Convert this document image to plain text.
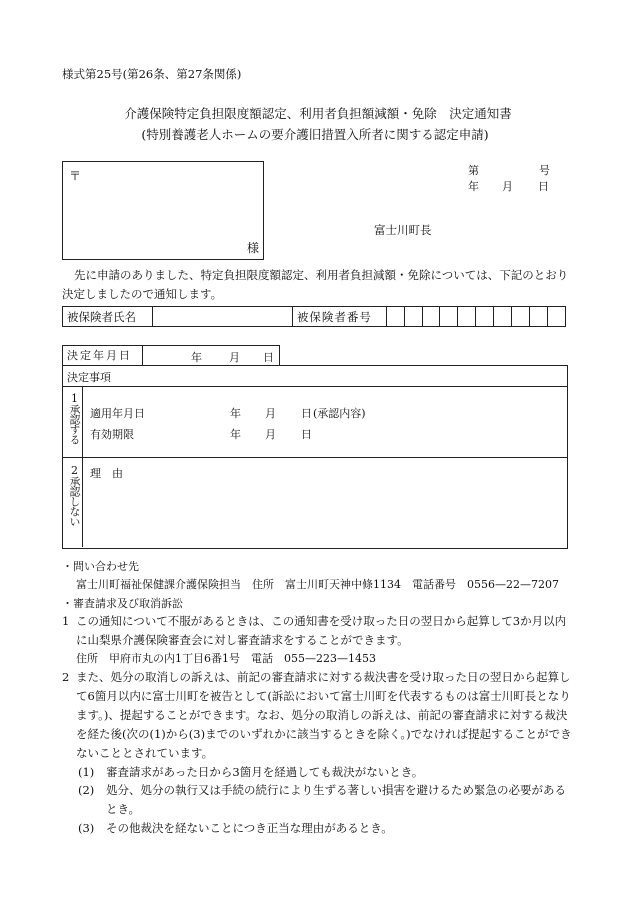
様式第25号(第26条、第27条関係)
介護保険特定負担限度額認定、利用者負担額減額・免除　決定通知書
(特別養護老人ホームの要介護旧措置入所者に関する認定申請)
〒
様
第	号
年 月 日
富士川町長
先に申請のありました、特定負担限度額認定、利用者負担減額・免除については、下記のとおり決定しましたので通知します。
被保険者氏名		被保険者番号										
決定年月日	年 月 日
決定事項
1承認する 適用年月日	年 月 日 (承認内容)
有効期限	年 月 日
2承認しない 理　由
・問い合わせ先
富士川町福祉保健課介護保険担当 住所 富士川町天神中條1134 電話番号 0556—22—7207
・審査請求及び取消訴訟
1 この通知について不服があるときは、この通知書を受け取った日の翌日から起算して3か月以内に山梨県介護保険審査会に対し審査請求をすることができます。
住所 甲府市丸の内1丁目6番1号 電話 055—223—1453
2 また、処分の取消しの訴えは、前記の審査請求に対する裁決書を受け取った日の翌日から起算して6箇月以内に富士川町を被告として(訴訟において富士川町を代表するものは富士川町長となります。)、提起することができます。なお、処分の取消しの訴えは、前記の審査請求に対する裁決を経た後(次の(1)から(3)までのいずれかに該当するときを除く。)でなければ提起することができないこととされています。
(1)	審査請求があった日から3箇月を経過しても裁決がないとき。
(2)	処分、処分の執行又は手続の続行により生ずる著しい損害を避けるため緊急の必要があるとき。
(3)	その他裁決を経ないことにつき正当な理由があるとき。
